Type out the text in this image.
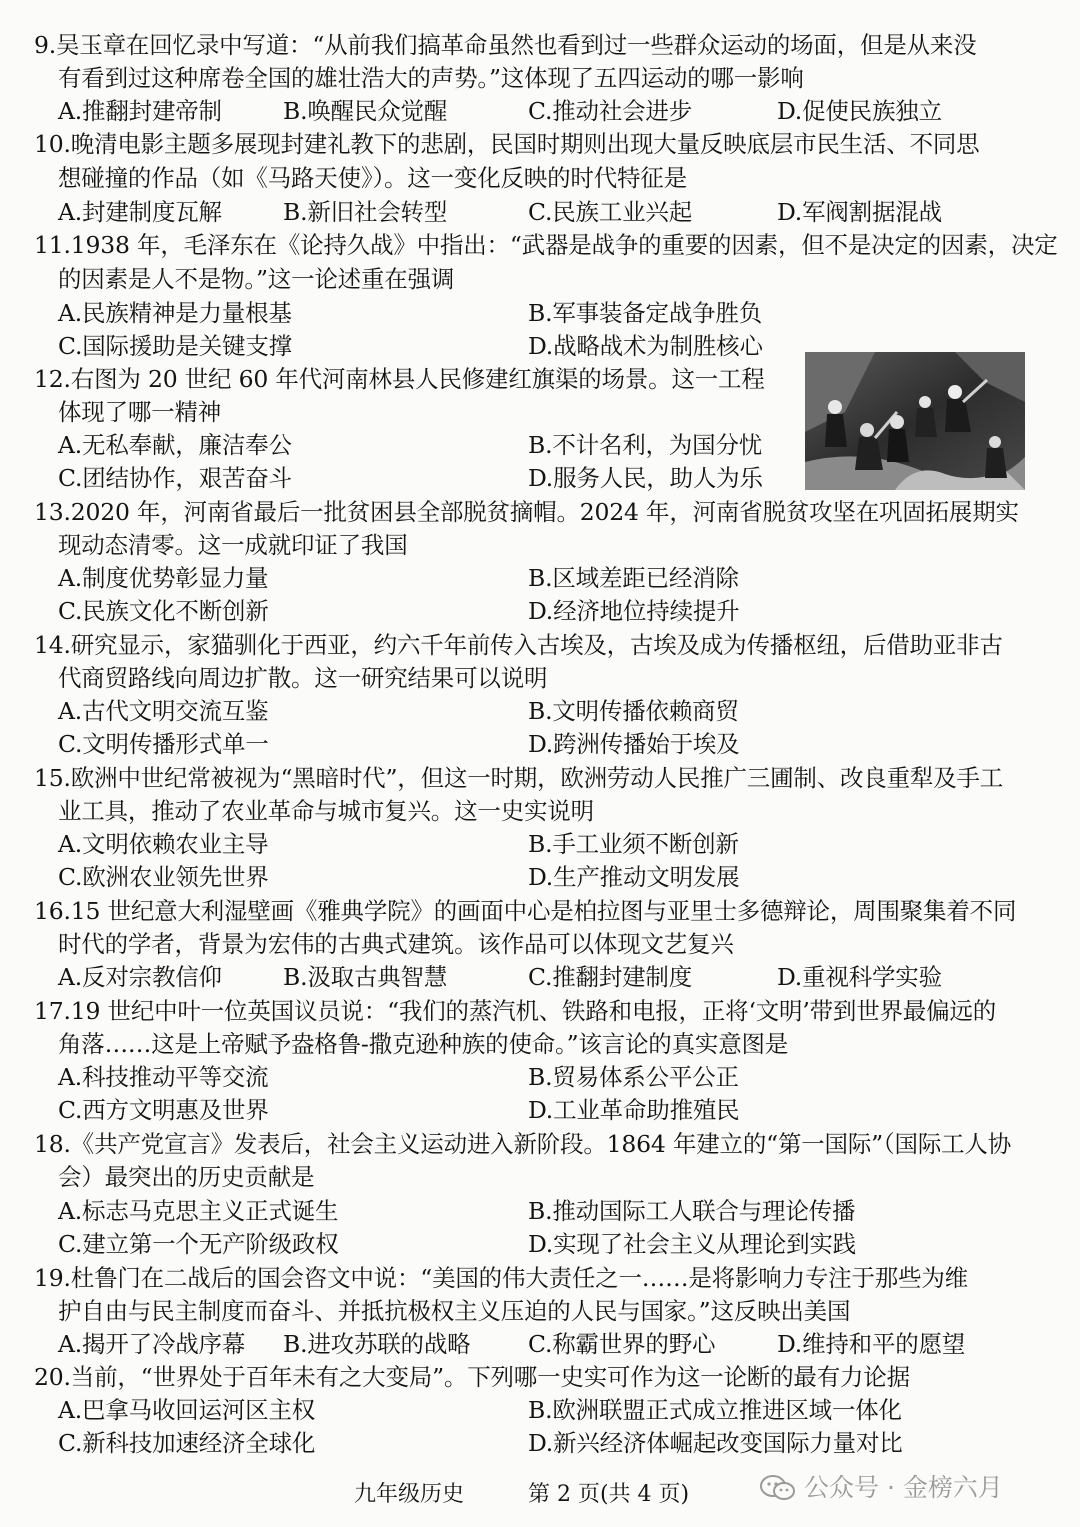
9.吴玉章在回忆录中写道：“从前我们搞革命虽然也看到过一些群众运动的场面，但是从来没
有看到过这种席卷全国的雄壮浩大的声势。”这体现了五四运动的哪一影响
A.推翻封建帝制	B.唤醒民众觉醒	C.推动社会进步	D.促使民族独立
10.晚清电影主题多展现封建礼教下的悲剧，民国时期则出现大量反映底层市民生活、不同思
想碰撞的作品（如《马路天使》）。这一变化反映的时代特征是
A.封建制度瓦解	B.新旧社会转型	C.民族工业兴起	D.军阀割据混战
11.1938 年，毛泽东在《论持久战》中指出：“武器是战争的重要的因素，但不是决定的因素，决定
的因素是人不是物。”这一论述重在强调
A.民族精神是力量根基	B.军事装备定战争胜负
C.国际援助是关键支撑	D.战略战术为制胜核心
12.右图为 20 世纪 60 年代河南林县人民修建红旗渠的场景。这一工程
体现了哪一精神
A.无私奉献，廉洁奉公	B.不计名利，为国分忧
C.团结协作，艰苦奋斗	D.服务人民，助人为乐
13.2020 年，河南省最后一批贫困县全部脱贫摘帽。2024 年，河南省脱贫攻坚在巩固拓展期实
现动态清零。这一成就印证了我国
A.制度优势彰显力量	B.区域差距已经消除
C.民族文化不断创新	D.经济地位持续提升
14.研究显示，家猫驯化于西亚，约六千年前传入古埃及，古埃及成为传播枢纽，后借助亚非古
代商贸路线向周边扩散。这一研究结果可以说明
A.古代文明交流互鉴	B.文明传播依赖商贸
C.文明传播形式单一	D.跨洲传播始于埃及
15.欧洲中世纪常被视为“黑暗时代”，但这一时期，欧洲劳动人民推广三圃制、改良重犁及手工
业工具，推动了农业革命与城市复兴。这一史实说明
A.文明依赖农业主导	B.手工业须不断创新
C.欧洲农业领先世界	D.生产推动文明发展
16.15 世纪意大利湿壁画《雅典学院》的画面中心是柏拉图与亚里士多德辩论，周围聚集着不同
时代的学者，背景为宏伟的古典式建筑。该作品可以体现文艺复兴
A.反对宗教信仰	B.汲取古典智慧	C.推翻封建制度	D.重视科学实验
17.19 世纪中叶一位英国议员说：“我们的蒸汽机、铁路和电报，正将‘文明’带到世界最偏远的
角落……这是上帝赋予盎格鲁-撒克逊种族的使命。”该言论的真实意图是
A.科技推动平等交流	B.贸易体系公平公正
C.西方文明惠及世界	D.工业革命助推殖民
18.《共产党宣言》发表后，社会主义运动进入新阶段。1864 年建立的“第一国际”（国际工人协
会）最突出的历史贡献是
A.标志马克思主义正式诞生	B.推动国际工人联合与理论传播
C.建立第一个无产阶级政权	D.实现了社会主义从理论到实践
19.杜鲁门在二战后的国会咨文中说：“美国的伟大责任之一……是将影响力专注于那些为维
护自由与民主制度而奋斗、并抵抗极权主义压迫的人民与国家。”这反映出美国
A.揭开了冷战序幕 B.进攻苏联的战略 C.称霸世界的野心	D.维持和平的愿望
20.当前，“世界处于百年未有之大变局”。下列哪一史实可作为这一论断的最有力论据
A.巴拿马收回运河区主权	B.欧洲联盟正式成立推进区域一体化
C.新科技加速经济全球化	D.新兴经济体崛起改变国际力量对比
九年级历史	第 2 页(共 4 页)	公众号 · 金榜六月
